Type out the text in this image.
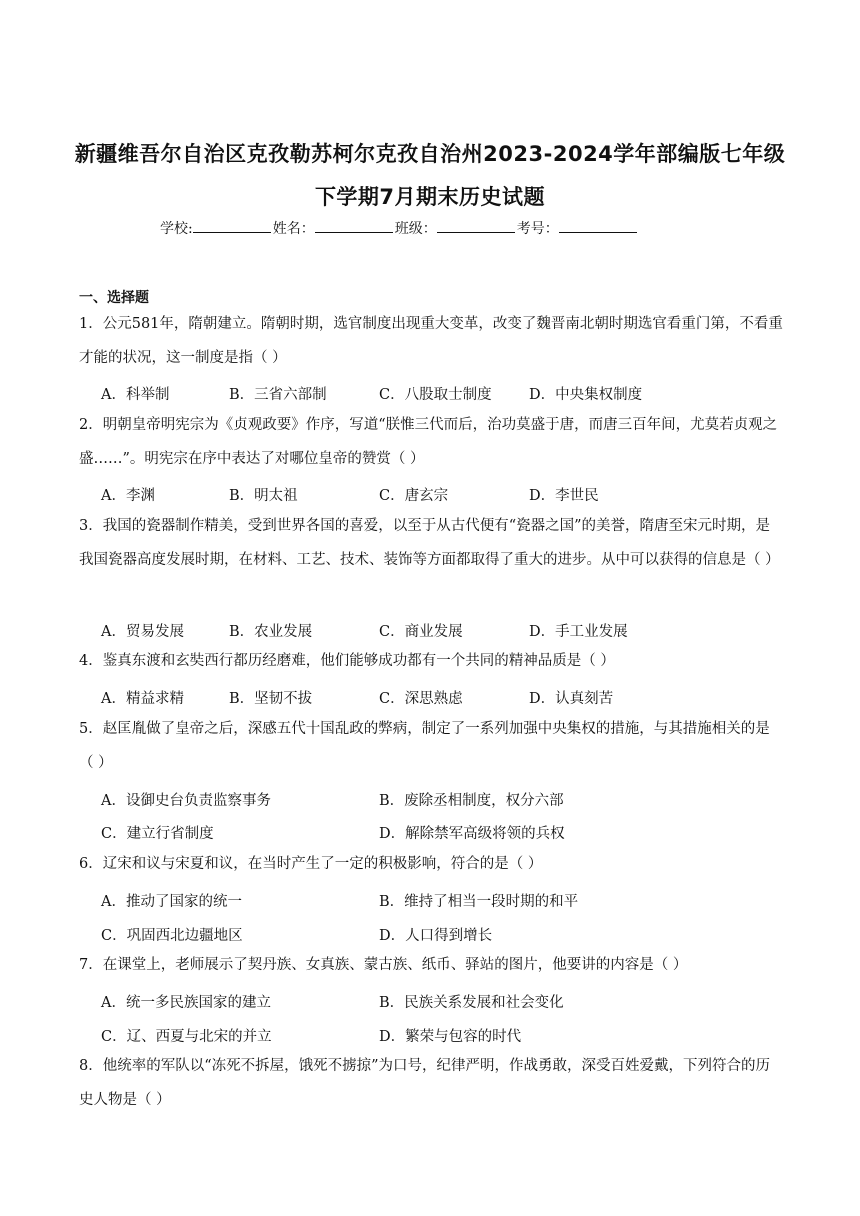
新疆维吾尔自治区克孜勒苏柯尔克孜自治州2023-2024学年部编版七年级
下学期7月期末历史试题
学校:	姓名：	班级：	考号：
一、选择题
1．公元581年，隋朝建立。隋朝时期，选官制度出现重大变革，改变了魏晋南北朝时期选官看重门第，不看重才能的状况，这一制度是指（ ）
A．科举制	B．三省六部制	C．八股取士制度	D．中央集权制度
2．明朝皇帝明宪宗为《贞观政要》作序，写道“朕惟三代而后，治功莫盛于唐，而唐三百年间，尤莫若贞观之盛……”。明宪宗在序中表达了对哪位皇帝的赞赏（ ）
A．李渊	B．明太祖	C．唐玄宗	D．李世民
3．我国的瓷器制作精美，受到世界各国的喜爱，以至于从古代便有“瓷器之国”的美誉，隋唐至宋元时期，是我国瓷器高度发展时期，在材料、工艺、技术、装饰等方面都取得了重大的进步。从中可以获得的信息是（ ）
A．贸易发展	B．农业发展	C．商业发展	D．手工业发展
4．鉴真东渡和玄奘西行都历经磨难，他们能够成功都有一个共同的精神品质是（ ）
A．精益求精	B．坚韧不拔	C．深思熟虑	D．认真刻苦
5．赵匡胤做了皇帝之后，深感五代十国乱政的弊病，制定了一系列加强中央集权的措施，与其措施相关的是（ ）
A．设御史台负责监察事务	B．废除丞相制度，权分六部
C．建立行省制度	D．解除禁军高级将领的兵权
6．辽宋和议与宋夏和议，在当时产生了一定的积极影响，符合的是（ ）
A．推动了国家的统一	B．维持了相当一段时期的和平
C．巩固西北边疆地区	D．人口得到增长
7．在课堂上，老师展示了契丹族、女真族、蒙古族、纸币、驿站的图片，他要讲的内容是（ ）
A．统一多民族国家的建立	B．民族关系发展和社会变化
C．辽、西夏与北宋的并立	D．繁荣与包容的时代
8．他统率的军队以“冻死不拆屋，饿死不掳掠”为口号，纪律严明，作战勇敢，深受百姓爱戴，下列符合的历史人物是（ ）
